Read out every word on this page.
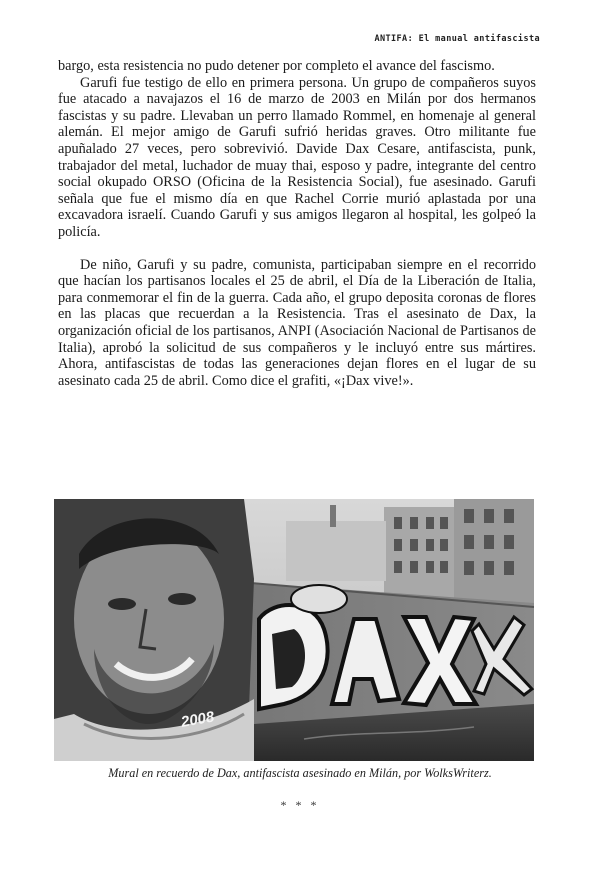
ANTIFA: El manual antifascista

bargo, esta resistencia no pudo detener por completo el avance del fascismo.

Garufi fue testigo de ello en primera persona. Un grupo de compañeros suyos fue atacado a navajazos el 16 de marzo de 2003 en Milán por dos hermanos fascistas y su padre. Llevaban un perro llamado Rommel, en homenaje al general alemán. El mejor amigo de Garufi sufrió heridas graves. Otro militante fue apuñalado 27 veces, pero sobrevivió. Davide Dax Cesare, antifascista, punk, trabajador del metal, luchador de muay thai, esposo y padre, integrante del centro social okupado ORSO (Oficina de la Resistencia Social), fue asesinado. Garufi señala que fue el mismo día en que Rachel Corrie murió aplastada por una excavadora israelí. Cuando Garufi y sus amigos llegaron al hospital, les golpeó la policía.

De niño, Garufi y su padre, comunista, participaban siempre en el recorrido que hacían los partisanos locales el 25 de abril, el Día de la Liberación de Italia, para conmemorar el fin de la guerra. Cada año, el grupo deposita coronas de flores en las placas que recuerdan a la Resistencia. Tras el asesinato de Dax, la organización oficial de los partisanos, ANPI (Asociación Nacional de Partisanos de Italia), aprobó la solicitud de sus compañeros y le incluyó entre sus mártires. Ahora, antifascistas de todas las generaciones dejan flores en el lugar de su asesinato cada 25 de abril. Como dice el grafiti, «¡Dax vive!».

2008
Mural en recuerdo de Dax, antifascista asesinado en Milán, por WolksWriterz.
* * *
